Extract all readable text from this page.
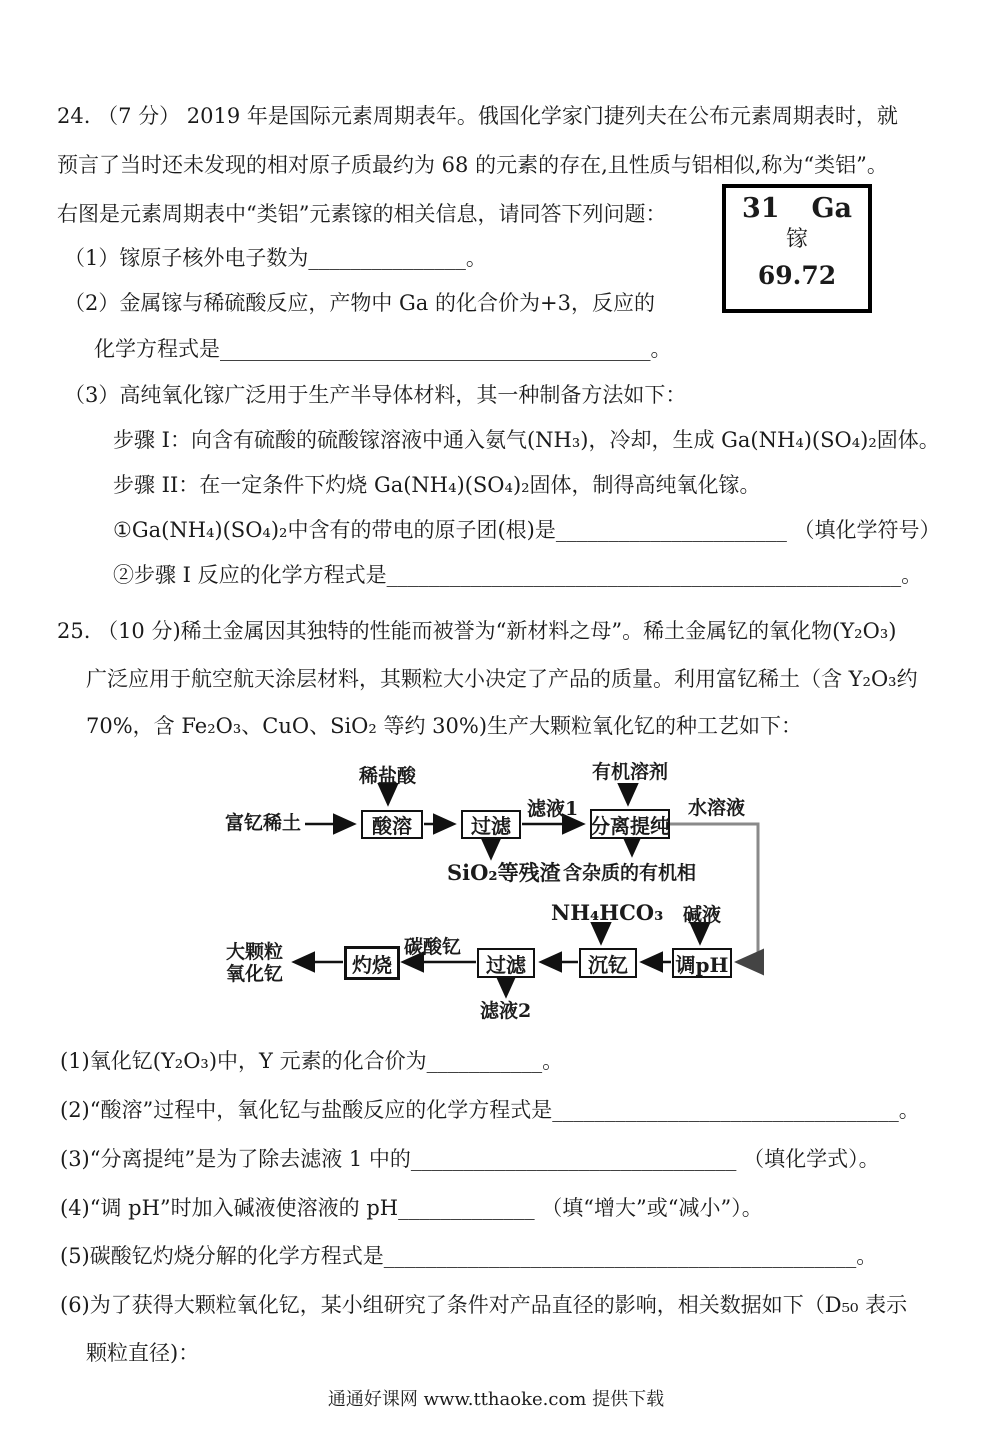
24. （7 分） 2019 年是国际元素周期表年。俄国化学家门捷列夫在公布元素周期表时，就
预言了当时还未发现的相对原子质最约为 68 的元素的存在,且性质与铝相似,称为“类铝”。
右图是元素周期表中“类铝”元素镓的相关信息，请同答下列问题：
（1）镓原子核外电子数为_______________。
（2）金属镓与稀硫酸反应，产物中 Ga 的化合价为+3，反应的
化学方程式是_________________________________________。
（3）高纯氧化镓广泛用于生产半导体材料，其一种制备方法如下：
步骤 I：向含有硫酸的硫酸镓溶液中通入氨气(NH₃)，冷却，生成 Ga(NH₄)(SO₄)₂固体。
步骤 II：在一定条件下灼烧 Ga(NH₄)(SO₄)₂固体，制得高纯氧化镓。
①Ga(NH₄)(SO₄)₂中含有的带电的原子团(根)是______________________ （填化学符号）
②步骤 I 反应的化学方程式是_________________________________________________。
31 Ga
镓
69.72
25. （10 分)稀土金属因其独特的性能而被誉为“新材料之母”。稀土金属钇的氧化物(Y₂O₃)
广泛应用于航空航天涂层材料，其颗粒大小决定了产品的质量。利用富钇稀土（含 Y₂O₃约
70%，含 Fe₂O₃、CuO、SiO₂ 等约 30%)生产大颗粒氧化钇的种工艺如下：
酸溶	过滤	分离提纯
调pH
沉钇
过滤
灼烧
富钇稀土
稀盐酸
滤液1
有机溶剂
水溶液
SiO₂等残渣 含杂质的有机相
NH₄HCO₃ 碱液
碳酸钇
滤液2
大颗粒
氧化钇
(1)氧化钇(Y₂O₃)中，Y 元素的化合价为___________。
(2)“酸溶”过程中，氧化钇与盐酸反应的化学方程式是_________________________________。
(3)“分离提纯”是为了除去滤液 1 中的_______________________________ （填化学式）。
(4)“调 pH”时加入碱液使溶液的 pH_____________ （填“增大”或“减小”）。
(5)碳酸钇灼烧分解的化学方程式是_____________________________________________。
(6)为了获得大颗粒氧化钇，某小组研究了条件对产品直径的影响，相关数据如下（D₅₀ 表示
颗粒直径)：
通通好课网 www.tthaoke.com 提供下载
